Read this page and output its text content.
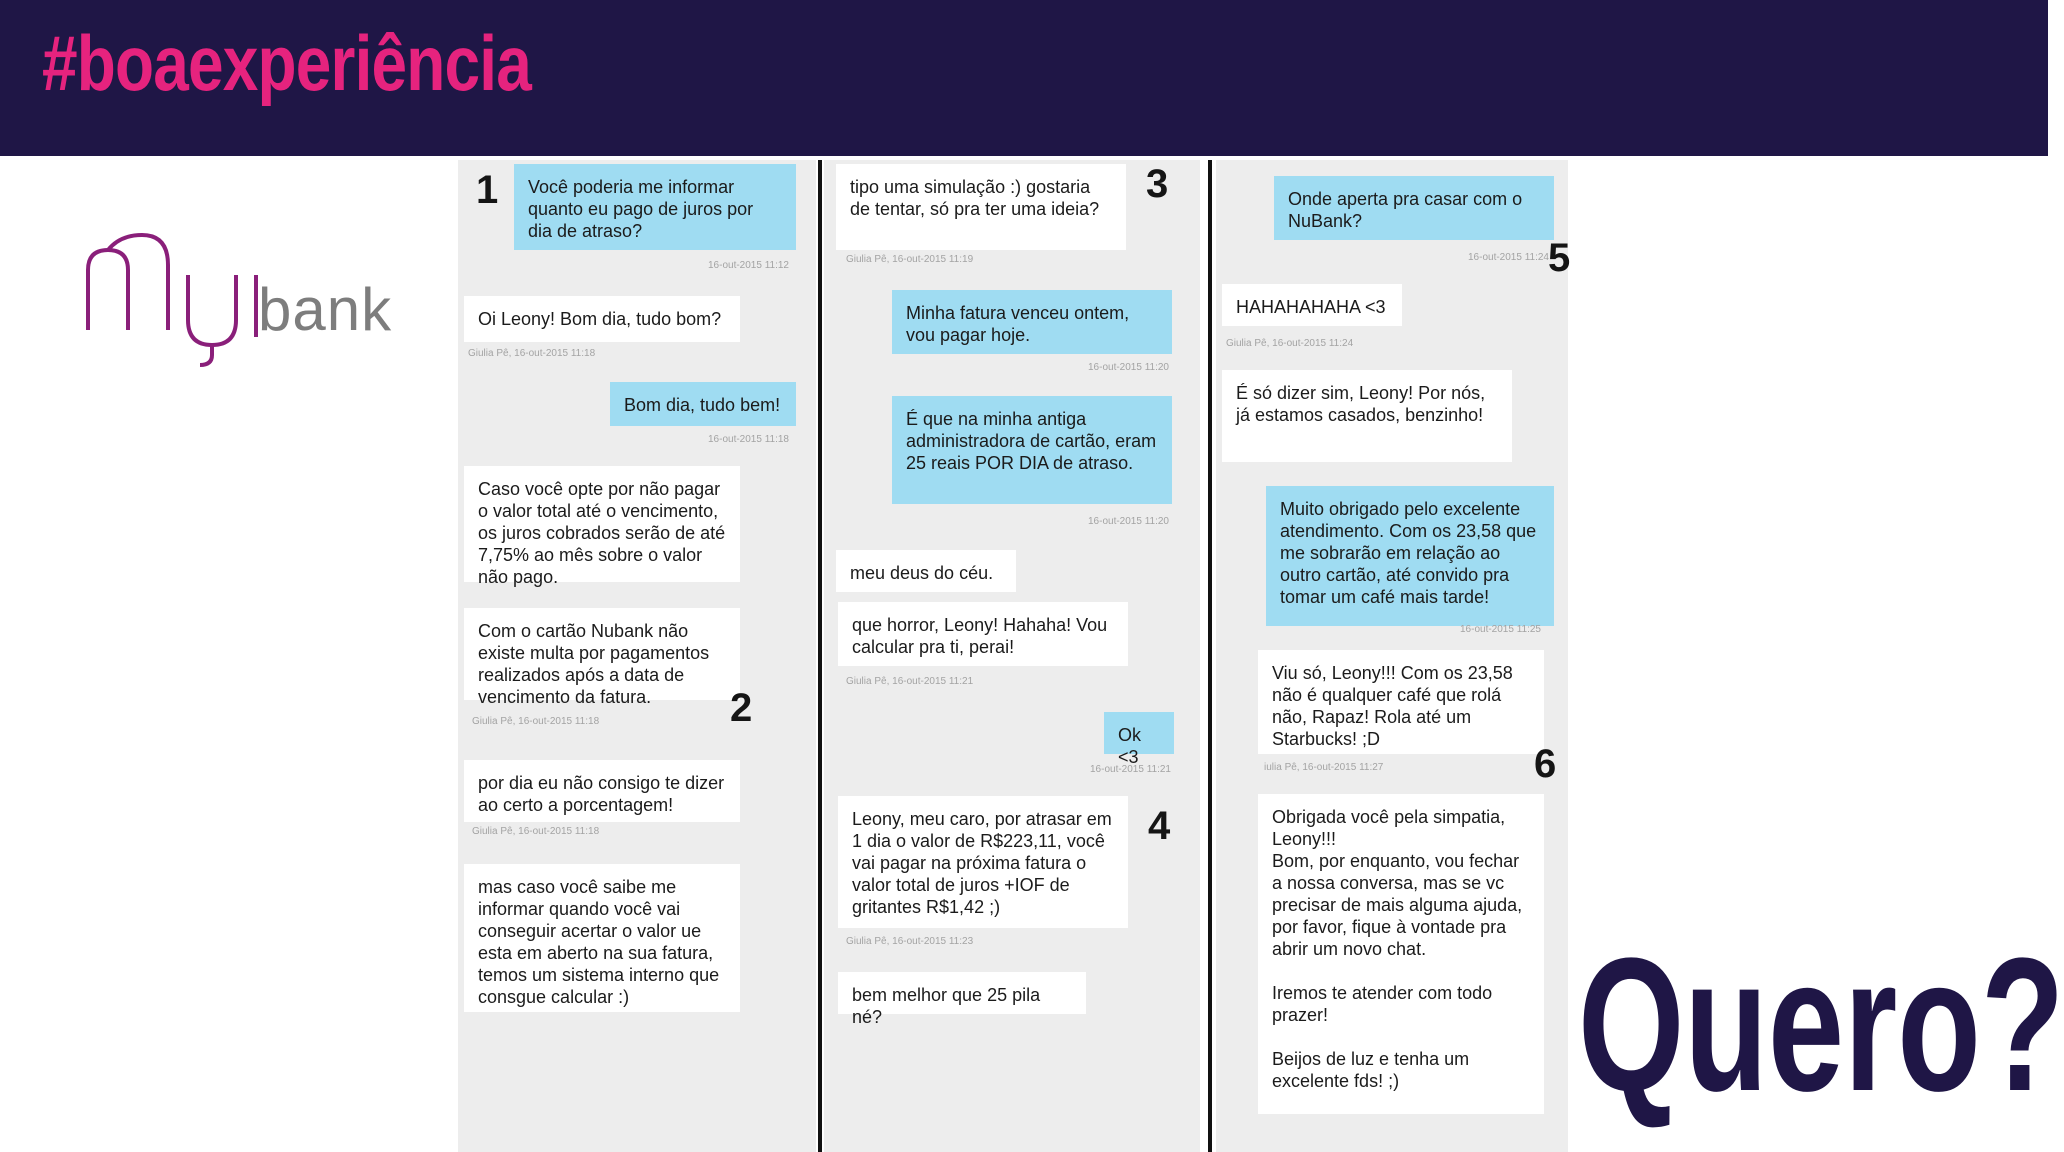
#boaexperiência
bank
1	Você poderia me informar quanto eu pago de juros por dia de atraso?
16-out-2015 11:12
Oi Leony! Bom dia, tudo bom?
Giulia Pê, 16-out-2015 11:18
Bom dia, tudo bem!
16-out-2015 11:18
Caso você opte por não pagar o valor total até o vencimento, os juros cobrados serão de até 7,75% ao mês sobre o valor não pago.
Com o cartão Nubank não existe multa por pagamentos realizados após a data de vencimento da fatura.
Giulia Pê, 16-out-2015 11:18	2
por dia eu não consigo te dizer ao certo a porcentagem!
Giulia Pê, 16-out-2015 11:18
mas caso você saibe me informar quando você vai conseguir acertar o valor ue esta em aberto na sua fatura, temos um sistema interno que consgue calcular :)
tipo uma simulação :) gostaria de tentar, só pra ter uma ideia?
Giulia Pê, 16-out-2015 11:19
3
Minha fatura venceu ontem, vou pagar hoje.
16-out-2015 11:20
É que na minha antiga administradora de cartão, eram 25 reais POR DIA de atraso.
16-out-2015 11:20
meu deus do céu.
que horror, Leony! Hahaha! Vou calcular pra ti, perai!
Giulia Pê, 16-out-2015 11:21
Ok <3
16-out-2015 11:21
Leony, meu caro, por atrasar em 1 dia o valor de R$223,11, você vai pagar na próxima fatura o valor total de juros +IOF de gritantes R$1,42 ;)
Giulia Pê, 16-out-2015 11:23
4
bem melhor que 25 pila né?
Onde aperta pra casar com o NuBank?
16-out-2015 11:24 5
HAHAHAHAHA <3
Giulia Pê, 16-out-2015 11:24
É só dizer sim, Leony! Por nós, já estamos casados, benzinho!
Muito obrigado pelo excelente atendimento. Com os 23,58 que me sobrarão em relação ao outro cartão, até convido pra tomar um café mais tarde!
16-out-2015 11:25
Viu só, Leony!!! Com os 23,58 não é qualquer café que rolá não, Rapaz! Rola até um Starbucks! ;D
iulia Pê, 16-out-2015 11:27	6
Obrigada você pela simpatia, Leony!!!
Bom, por enquanto, vou fechar a nossa conversa, mas se vc precisar de mais alguma ajuda, por favor, fique à vontade pra abrir um novo chat.

Iremos te atender com todo prazer!

Beijos de luz e tenha um excelente fds! ;) Quero?
